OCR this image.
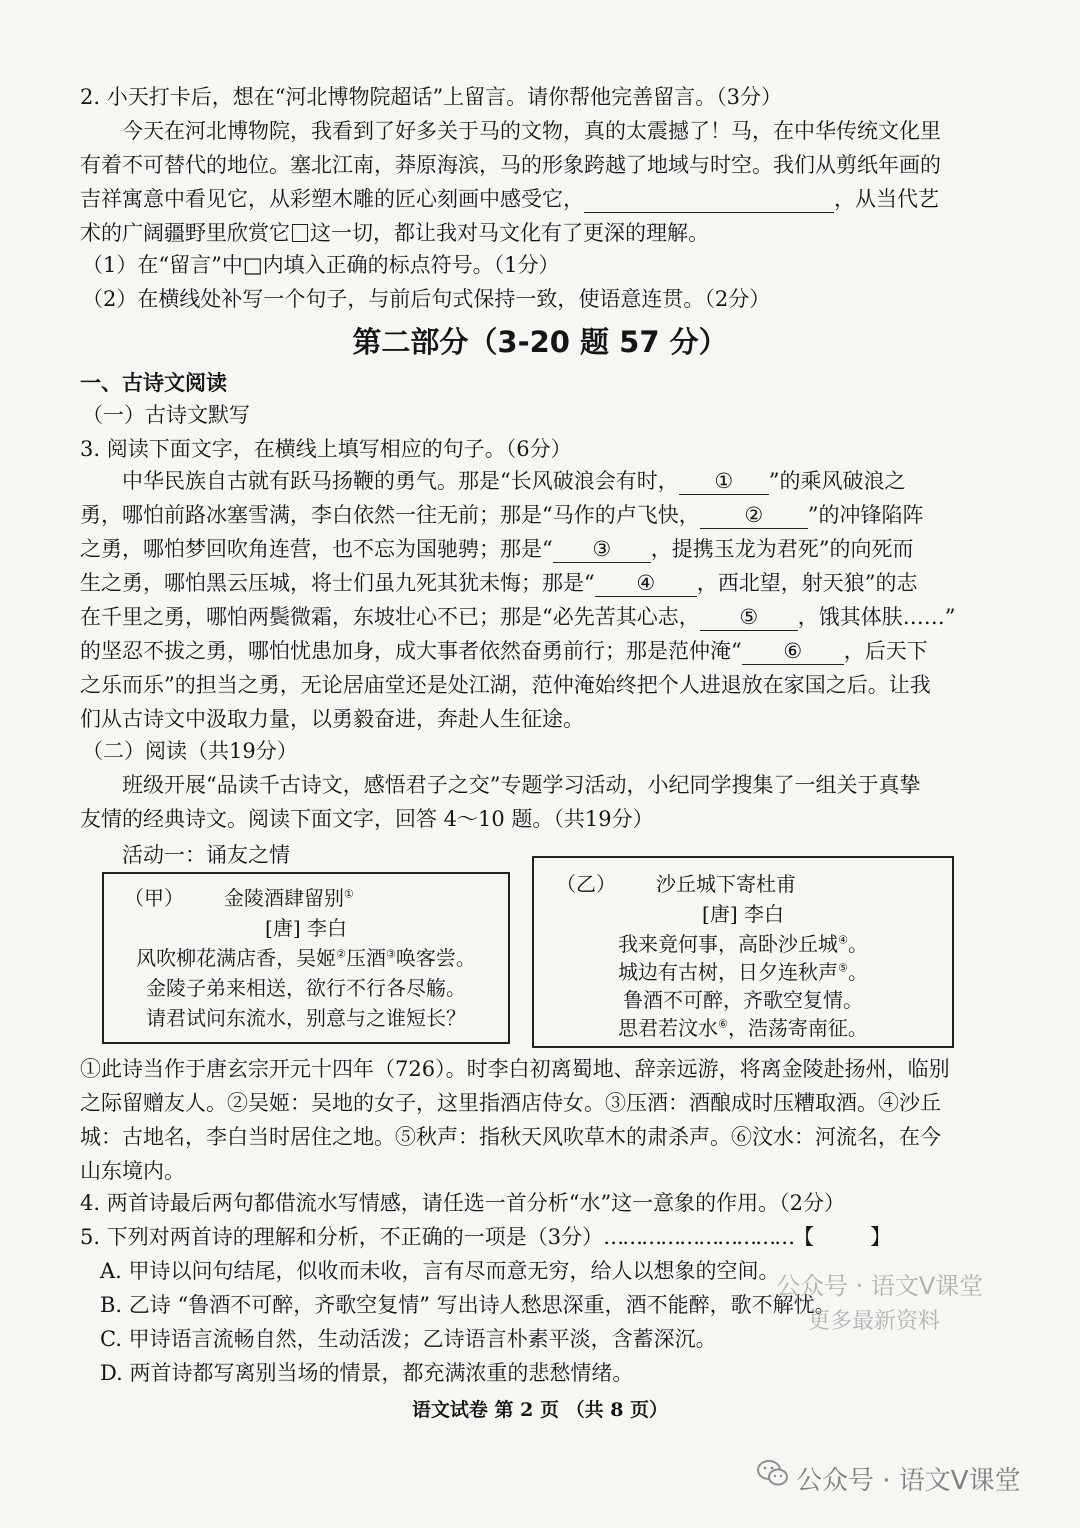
2. 小天打卡后，想在“河北博物院超话”上留言。请你帮他完善留言。（3分）
今天在河北博物院，我看到了好多关于马的文物，真的太震撼了！马，在中华传统文化里
有着不可替代的地位。塞北江南，莽原海滨，马的形象跨越了地域与时空。我们从剪纸年画的
吉祥寓意中看见它，从彩塑木雕的匠心刻画中感受它，	，从当代艺
术的广阔疆野里欣赏它 这一切，都让我对马文化有了更深的理解。
（1）在“留言”中□内填入正确的标点符号。（1分）
（2）在横线处补写一个句子，与前后句式保持一致，使语意连贯。（2分）
第二部分（3-20 题 57 分）
一、古诗文阅读
（一）古诗文默写
3. 阅读下面文字，在横线上填写相应的句子。（6分）
中华民族自古就有跃马扬鞭的勇气。那是“长风破浪会有时， ① ”的乘风破浪之
勇，哪怕前路冰塞雪满，李白依然一往无前；那是“马作的卢飞快， ② ”的冲锋陷阵
之勇，哪怕梦回吹角连营，也不忘为国驰骋；那是“ ③ ，提携玉龙为君死”的向死而
生之勇，哪怕黑云压城，将士们虽九死其犹未悔；那是“ ④ ，西北望，射天狼”的志
在千里之勇，哪怕两鬓微霜，东坡壮心不已；那是“必先苦其心志， ⑤ ，饿其体肤……”
的坚忍不拔之勇，哪怕忧患加身，成大事者依然奋勇前行；那是范仲淹“ ⑥ ，后天下
之乐而乐”的担当之勇，无论居庙堂还是处江湖，范仲淹始终把个人进退放在家国之后。让我
们从古诗文中汲取力量，以勇毅奋进，奔赴人生征途。
（二）阅读（共19分）
班级开展“品读千古诗文，感悟君子之交”专题学习活动，小纪同学搜集了一组关于真挚
友情的经典诗文。阅读下面文字，回答 4～10 题。（共19分）
活动一：诵友之情
（甲） 金陵酒肆留别①
[唐] 李白
风吹柳花满店香，吴姬②压酒③唤客尝。
金陵子弟来相送，欲行不行各尽觞。
请君试问东流水，别意与之谁短长？
（乙） 沙丘城下寄杜甫
[唐] 李白
我来竟何事，高卧沙丘城④。
城边有古树，日夕连秋声⑤。
鲁酒不可醉，齐歌空复情。
思君若汶水⑥，浩荡寄南征。
①此诗当作于唐玄宗开元十四年（726）。时李白初离蜀地、辞亲远游，将离金陵赴扬州，临别
之际留赠友人。②吴姬：吴地的女子，这里指酒店侍女。③压酒：酒酿成时压糟取酒。④沙丘
城：古地名，李白当时居住之地。⑤秋声：指秋天风吹草木的肃杀声。⑥汶水：河流名，在今
山东境内。
4. 两首诗最后两句都借流水写情感，请任选一首分析“水”这一意象的作用。（2分）
5. 下列对两首诗的理解和分析，不正确的一项是（3分）…………………………【	】
A. 甲诗以问句结尾，似收而未收，言有尽而意无穷，给人以想象的空间。
B. 乙诗 “鲁酒不可醉，齐歌空复情” 写出诗人愁思深重，酒不能醉，歌不解忧。
C. 甲诗语言流畅自然，生动活泼；乙诗语言朴素平淡，含蓄深沉。
D. 两首诗都写离别当场的情景，都充满浓重的悲愁情绪。
语文试卷 第 2 页 （共 8 页）
公众号 · 语文V课堂
更多最新资料
公众号 · 语文V课堂
